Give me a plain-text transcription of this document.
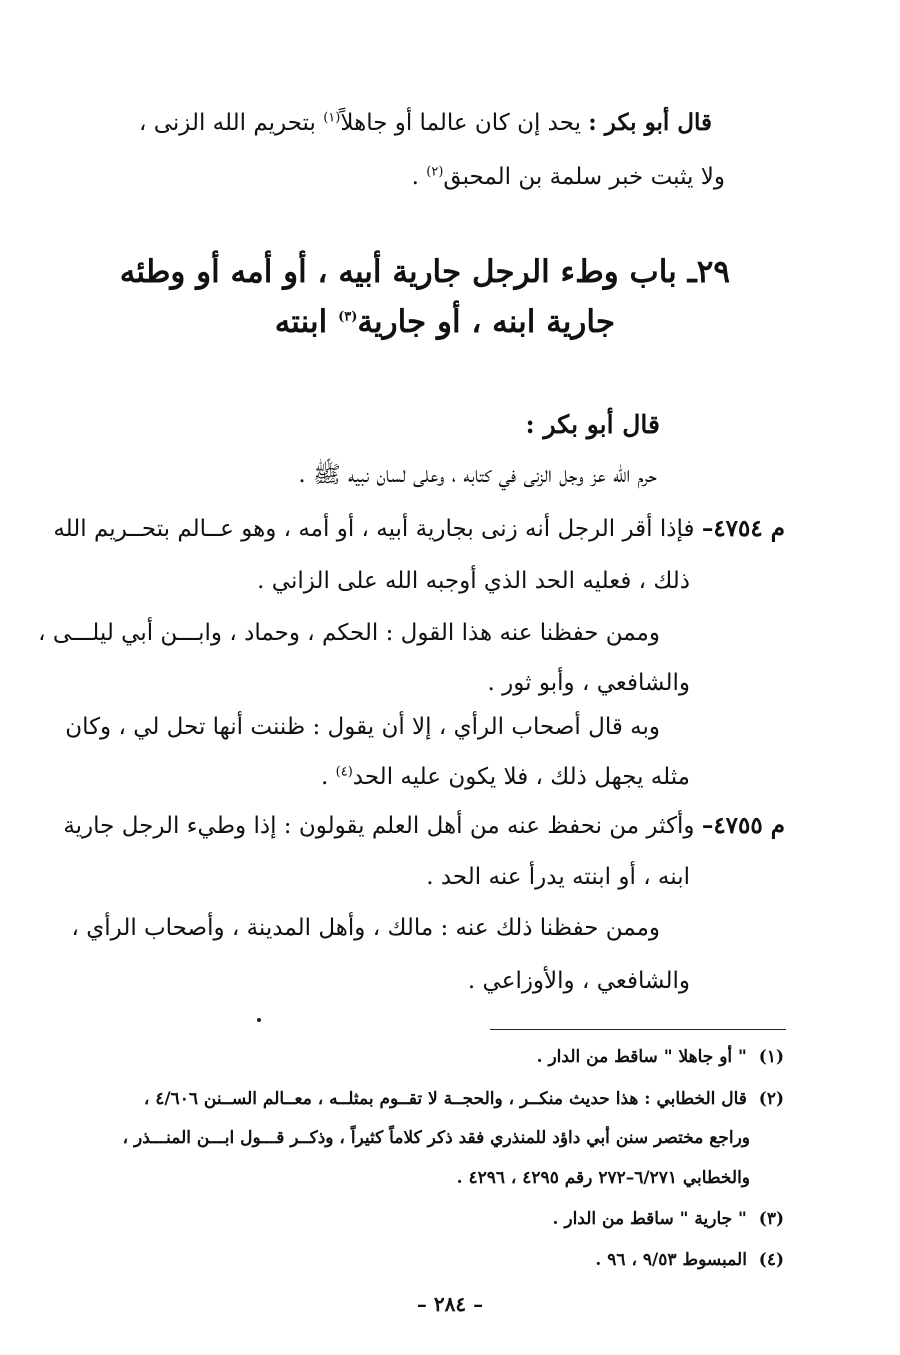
قال أبو بكر : يحد إن كان عالما أو جاهلاً$^{(١)}$ بتحريم الله الزنى ،
ولا يثبت خبر سلمة بن المحبق$^{(٢)}$ .
٢٩ـ باب وطء الرجل جارية أبيه ، أو أمه أو وطئه
جارية ابنه ، أو جارية$^{(٣)}$ ابنته
قال أبو بكر :
حرم الله عز وجل الزنى في كتابه ، وعلى لسان نبيه ﷺ .
م ٤٧٥٤– فإذا أقر الرجل أنه زنى بجارية أبيه ، أو أمه ، وهو عــالم بتحــريم الله
ذلك ، فعليه الحد الذي أوجبه الله على الزاني .
وممن حفظنا عنه هذا القول : الحكم ، وحماد ، وابـــن أبي ليلـــى ،
والشافعي ، وأبو ثور .
وبه قال أصحاب الرأي ، إلا أن يقول : ظننت أنها تحل لي ، وكان
مثله يجهل ذلك ، فلا يكون عليه الحد$^{(٤)}$ .
م ٤٧٥٥– وأكثر من نحفظ عنه من أهل العلم يقولون : إذا وطيء الرجل جارية
ابنه ، أو ابنته يدرأ عنه الحد .
وممن حفظنا ذلك عنه : مالك ، وأهل المدينة ، وأصحاب الرأي ،
والشافعي ، والأوزاعي .
(١)  " أو جاهلا " ساقط من الدار .
(٢)  قال الخطابي : هذا حديث منكــر ، والحجــة لا تقــوم بمثلــه ، معــالم الســنن ٤/٦٠٦ ،
وراجع مختصر سنن أبي داؤد للمنذري فقد ذكر كلاماً كثيراً ، وذكــر قـــول ابـــن المنـــذر ،
والخطابي ٦/٢٧١–٢٧٢ رقم ٤٢٩٥ ، ٤٢٩٦ .
(٣)  " جارية " ساقط من الدار .
(٤)  المبسوط ٩/٥٣ ، ٩٦ .
– ٢٨٤ –
